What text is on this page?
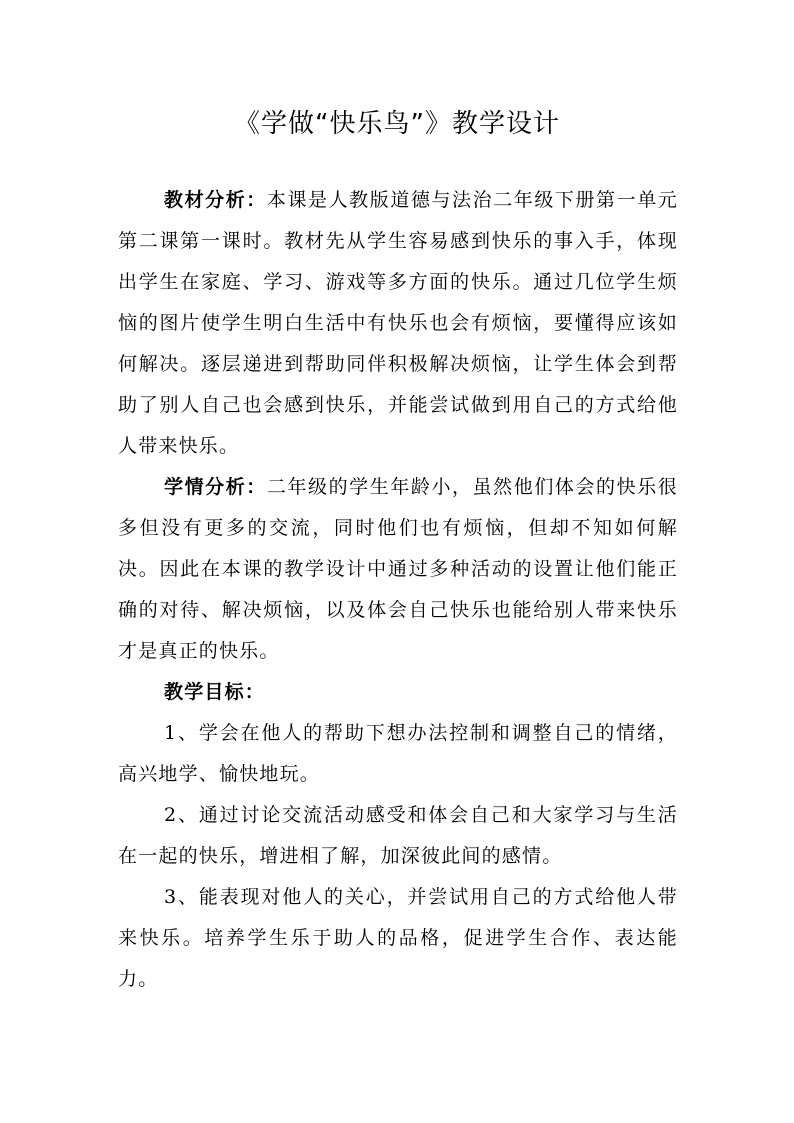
《学做“快乐鸟”》教学设计

教材分析：本课是人教版道德与法治二年级下册第一单元第二课第一课时。教材先从学生容易感到快乐的事入手，体现出学生在家庭、学习、游戏等多方面的快乐。通过几位学生烦恼的图片使学生明白生活中有快乐也会有烦恼，要懂得应该如何解决。逐层递进到帮助同伴积极解决烦恼，让学生体会到帮助了别人自己也会感到快乐，并能尝试做到用自己的方式给他人带来快乐。

学情分析：二年级的学生年龄小，虽然他们体会的快乐很多但没有更多的交流，同时他们也有烦恼，但却不知如何解决。因此在本课的教学设计中通过多种活动的设置让他们能正确的对待、解决烦恼，以及体会自己快乐也能给别人带来快乐才是真正的快乐。

教学目标：

1、学会在他人的帮助下想办法控制和调整自己的情绪，高兴地学、愉快地玩。

2、通过讨论交流活动感受和体会自己和大家学习与生活在一起的快乐，增进相了解，加深彼此间的感情。

3、能表现对他人的关心，并尝试用自己的方式给他人带来快乐。培养学生乐于助人的品格，促进学生合作、表达能力。
